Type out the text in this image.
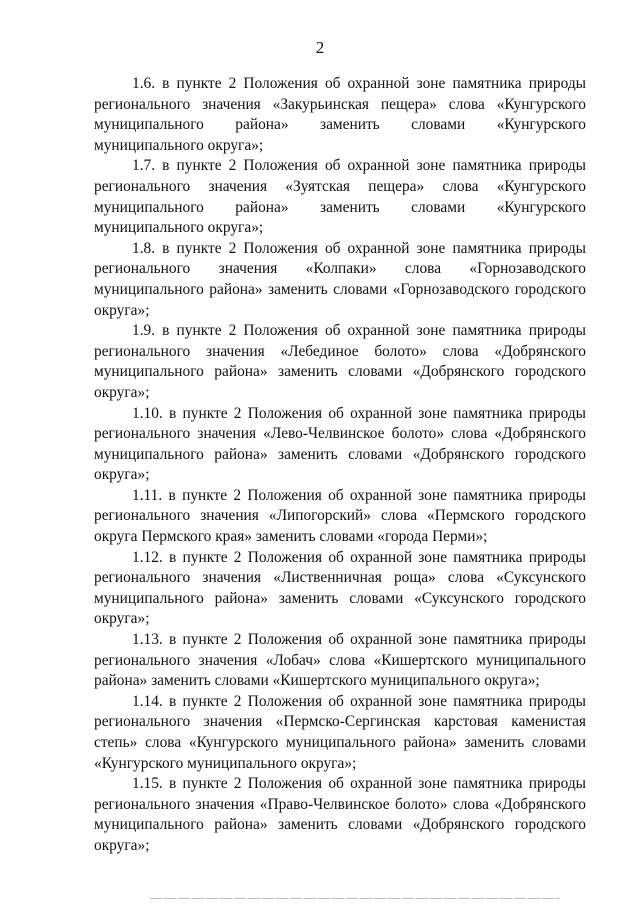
2

1.6. в пункте 2 Положения об охранной зоне памятника природы регионального значения «Закурьинская пещера» слова «Кунгурского муниципального района» заменить словами «Кунгурского муниципального округа»;

1.7. в пункте 2 Положения об охранной зоне памятника природы регионального значения «Зуятская пещера» слова «Кунгурского муниципального района» заменить словами «Кунгурского муниципального округа»;

1.8. в пункте 2 Положения об охранной зоне памятника природы регионального значения «Колпаки» слова «Горнозаводского муниципального района» заменить словами «Горнозаводского городского округа»;

1.9. в пункте 2 Положения об охранной зоне памятника природы регионального значения «Лебединое болото» слова «Добрянского муниципального района» заменить словами «Добрянского городского округа»;

1.10. в пункте 2 Положения об охранной зоне памятника природы регионального значения «Лево-Челвинское болото» слова «Добрянского муниципального района» заменить словами «Добрянского городского округа»;

1.11. в пункте 2 Положения об охранной зоне памятника природы регионального значения «Липогорский» слова «Пермского городского округа Пермского края» заменить словами «города Перми»;

1.12. в пункте 2 Положения об охранной зоне памятника природы регионального значения «Лиственничная роща» слова «Суксунского муниципального района» заменить словами «Суксунского городского округа»;

1.13. в пункте 2 Положения об охранной зоне памятника природы регионального значения «Лобач» слова «Кишертского муниципального района» заменить словами «Кишертского муниципального округа»;

1.14. в пункте 2 Положения об охранной зоне памятника природы регионального значения «Пермско-Сергинская карстовая каменистая степь» слова «Кунгурского муниципального района» заменить словами «Кунгурского муниципального округа»;

1.15. в пункте 2 Положения об охранной зоне памятника природы регионального значения «Право-Челвинское болото» слова «Добрянского муниципального района» заменить словами «Добрянского городского округа»;
